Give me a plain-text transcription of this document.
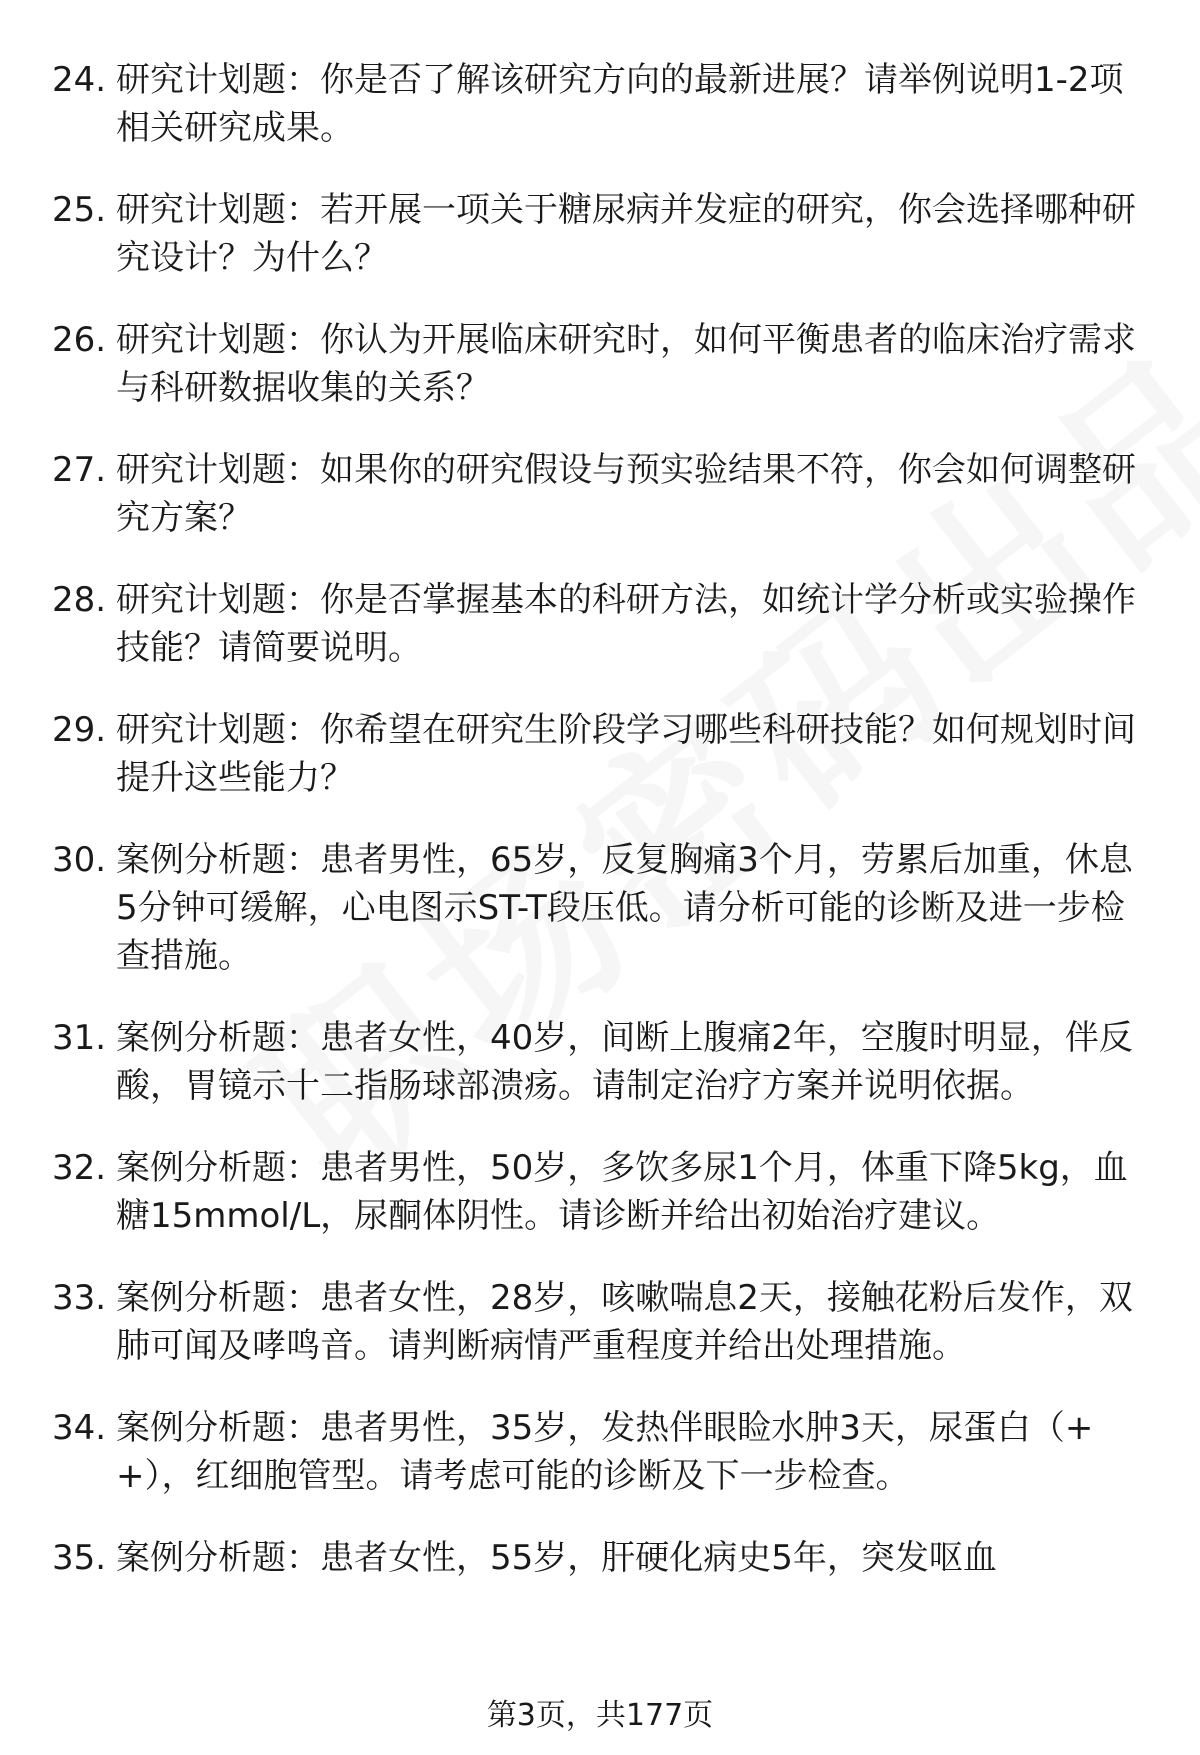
24. 研究计划题：你是否了解该研究方向的最新进展？请举例说明1-2项相关研究成果。
25. 研究计划题：若开展一项关于糖尿病并发症的研究，你会选择哪种研究设计？为什么？
26. 研究计划题：你认为开展临床研究时，如何平衡患者的临床治疗需求与科研数据收集的关系？
27. 研究计划题：如果你的研究假设与预实验结果不符，你会如何调整研究方案？
28. 研究计划题：你是否掌握基本的科研方法，如统计学分析或实验操作技能？请简要说明。
29. 研究计划题：你希望在研究生阶段学习哪些科研技能？如何规划时间提升这些能力？
30. 案例分析题：患者男性，65岁，反复胸痛3个月，劳累后加重，休息5分钟可缓解，心电图示ST-T段压低。请分析可能的诊断及进一步检查措施。
31. 案例分析题：患者女性，40岁，间断上腹痛2年，空腹时明显，伴反酸，胃镜示十二指肠球部溃疡。请制定治疗方案并说明依据。
32. 案例分析题：患者男性，50岁，多饮多尿1个月，体重下降5kg，血糖15mmol/L，尿酮体阴性。请诊断并给出初始治疗建议。
33. 案例分析题：患者女性，28岁，咳嗽喘息2天，接触花粉后发作，双肺可闻及哮鸣音。请判断病情严重程度并给出处理措施。
34. 案例分析题：患者男性，35岁，发热伴眼睑水肿3天，尿蛋白（++），红细胞管型。请考虑可能的诊断及下一步检查。
35. 案例分析题：患者女性，55岁，肝硬化病史5年，突发呕血
第3页，共177页
